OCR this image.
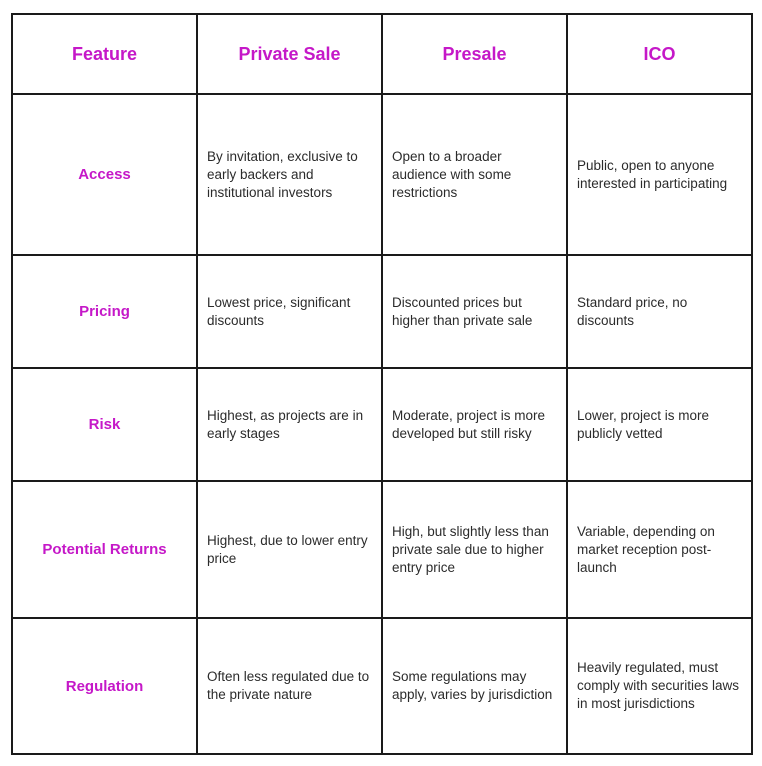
Feature	Private Sale	Presale	ICO
Access	By invitation, exclusive to early backers and institutional investors	Open to a broader audience with some restrictions	Public, open to anyone interested in participating

Pricing	Lowest price, significant discounts	Discounted prices but higher than private sale	Standard price, no discounts

Risk	Highest, as projects are in early stages	Moderate, project is more developed but still risky	Lower, project is more publicly vetted

Potential Returns	Highest, due to lower entry price	High, but slightly less than private sale due to higher entry price	Variable, depending on market reception post-launch

Regulation	Often less regulated due to the private nature	Some regulations may apply, varies by jurisdiction	Heavily regulated, must comply with securities laws in most jurisdictions
